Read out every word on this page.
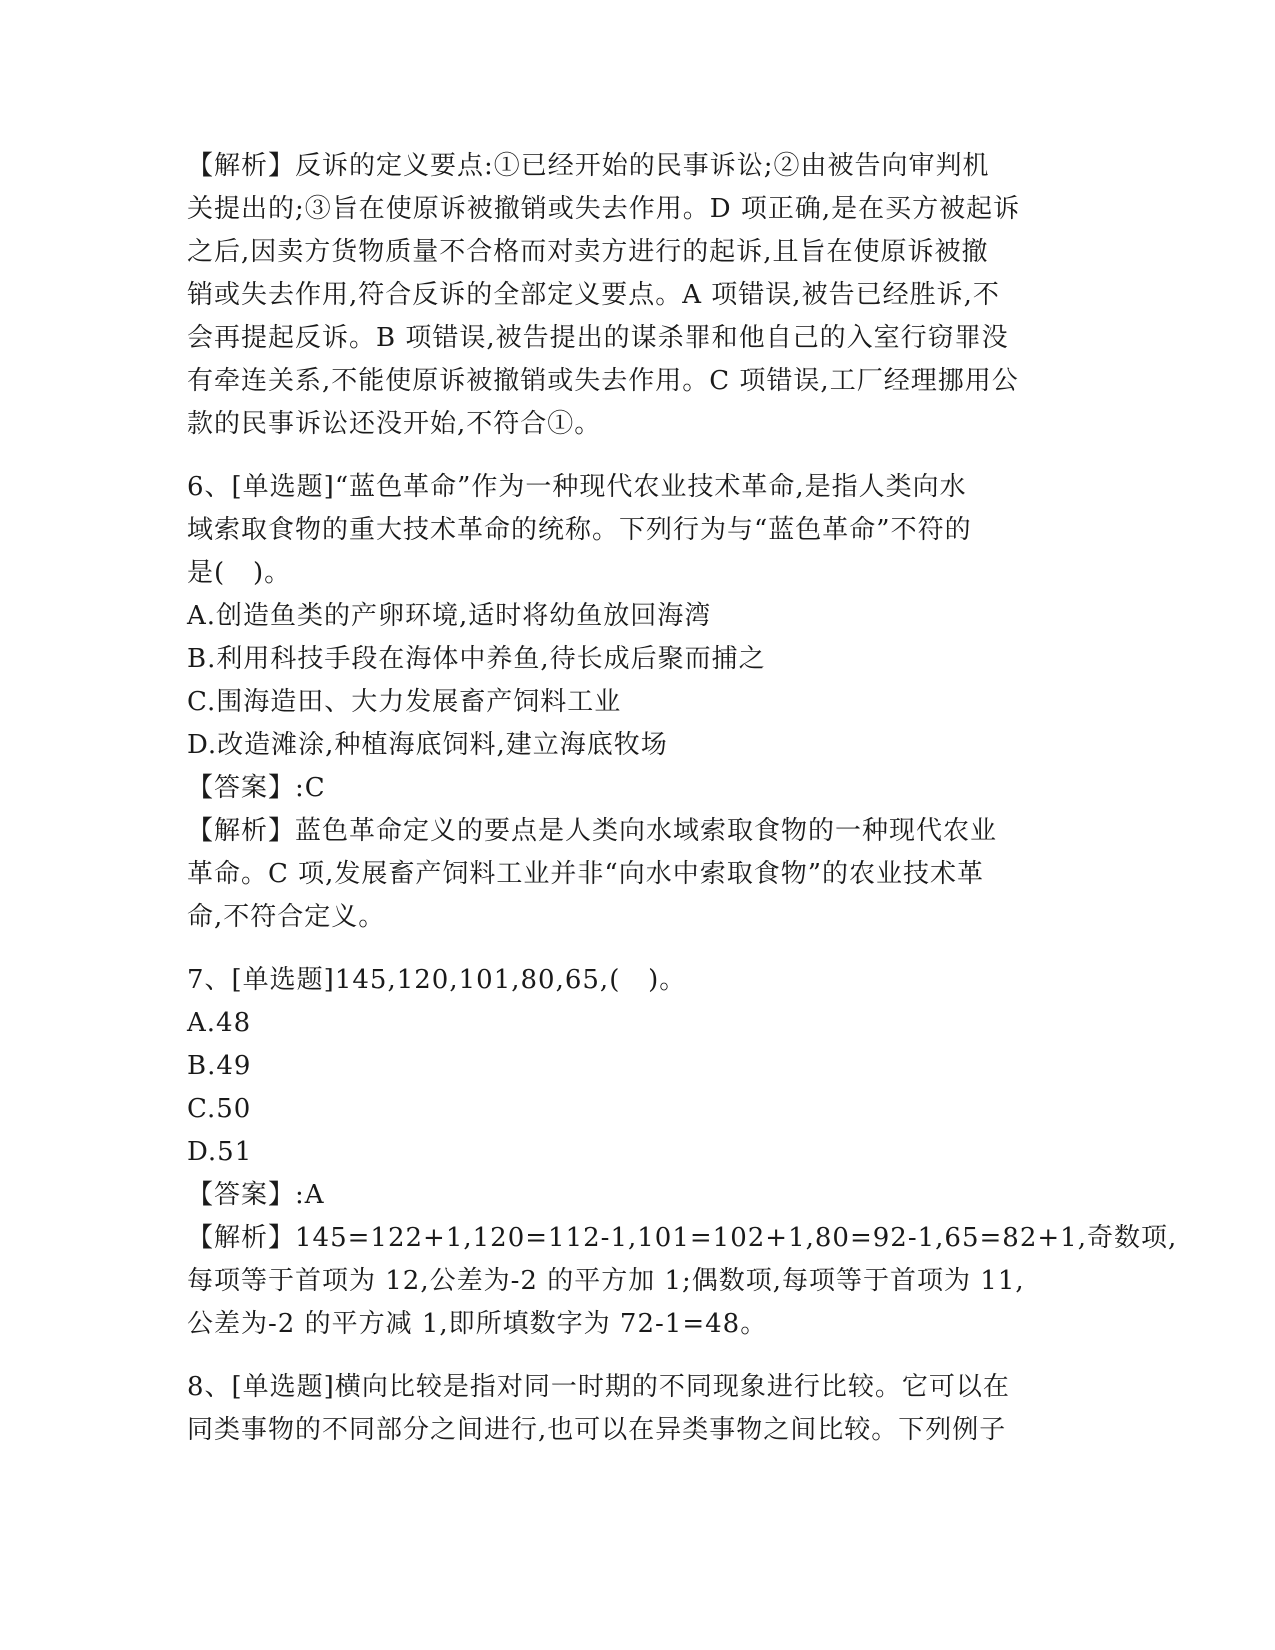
【解析】反诉的定义要点:①已经开始的民事诉讼;②由被告向审判机
关提出的;③旨在使原诉被撤销或失去作用。D 项正确,是在买方被起诉
之后,因卖方货物质量不合格而对卖方进行的起诉,且旨在使原诉被撤
销或失去作用,符合反诉的全部定义要点。A 项错误,被告已经胜诉,不
会再提起反诉。B 项错误,被告提出的谋杀罪和他自己的入室行窃罪没
有牵连关系,不能使原诉被撤销或失去作用。C 项错误,工厂经理挪用公
款的民事诉讼还没开始,不符合①。
6、[单选题]“蓝色革命”作为一种现代农业技术革命,是指人类向水
域索取食物的重大技术革命的统称。下列行为与“蓝色革命”不符的
是(   )。
A.创造鱼类的产卵环境,适时将幼鱼放回海湾
B.利用科技手段在海体中养鱼,待长成后聚而捕之
C.围海造田、大力发展畜产饲料工业
D.改造滩涂,种植海底饲料,建立海底牧场
【答案】:C
【解析】蓝色革命定义的要点是人类向水域索取食物的一种现代农业
革命。C 项,发展畜产饲料工业并非“向水中索取食物”的农业技术革
命,不符合定义。
7、[单选题]145,120,101,80,65,(   )。
A.48
B.49
C.50
D.51
【答案】:A
【解析】145=122+1,120=112-1,101=102+1,80=92-1,65=82+1,奇数项,
每项等于首项为 12,公差为-2 的平方加 1;偶数项,每项等于首项为 11,
公差为-2 的平方减 1,即所填数字为 72-1=48。
8、[单选题]横向比较是指对同一时期的不同现象进行比较。它可以在
同类事物的不同部分之间进行,也可以在异类事物之间比较。下列例子
